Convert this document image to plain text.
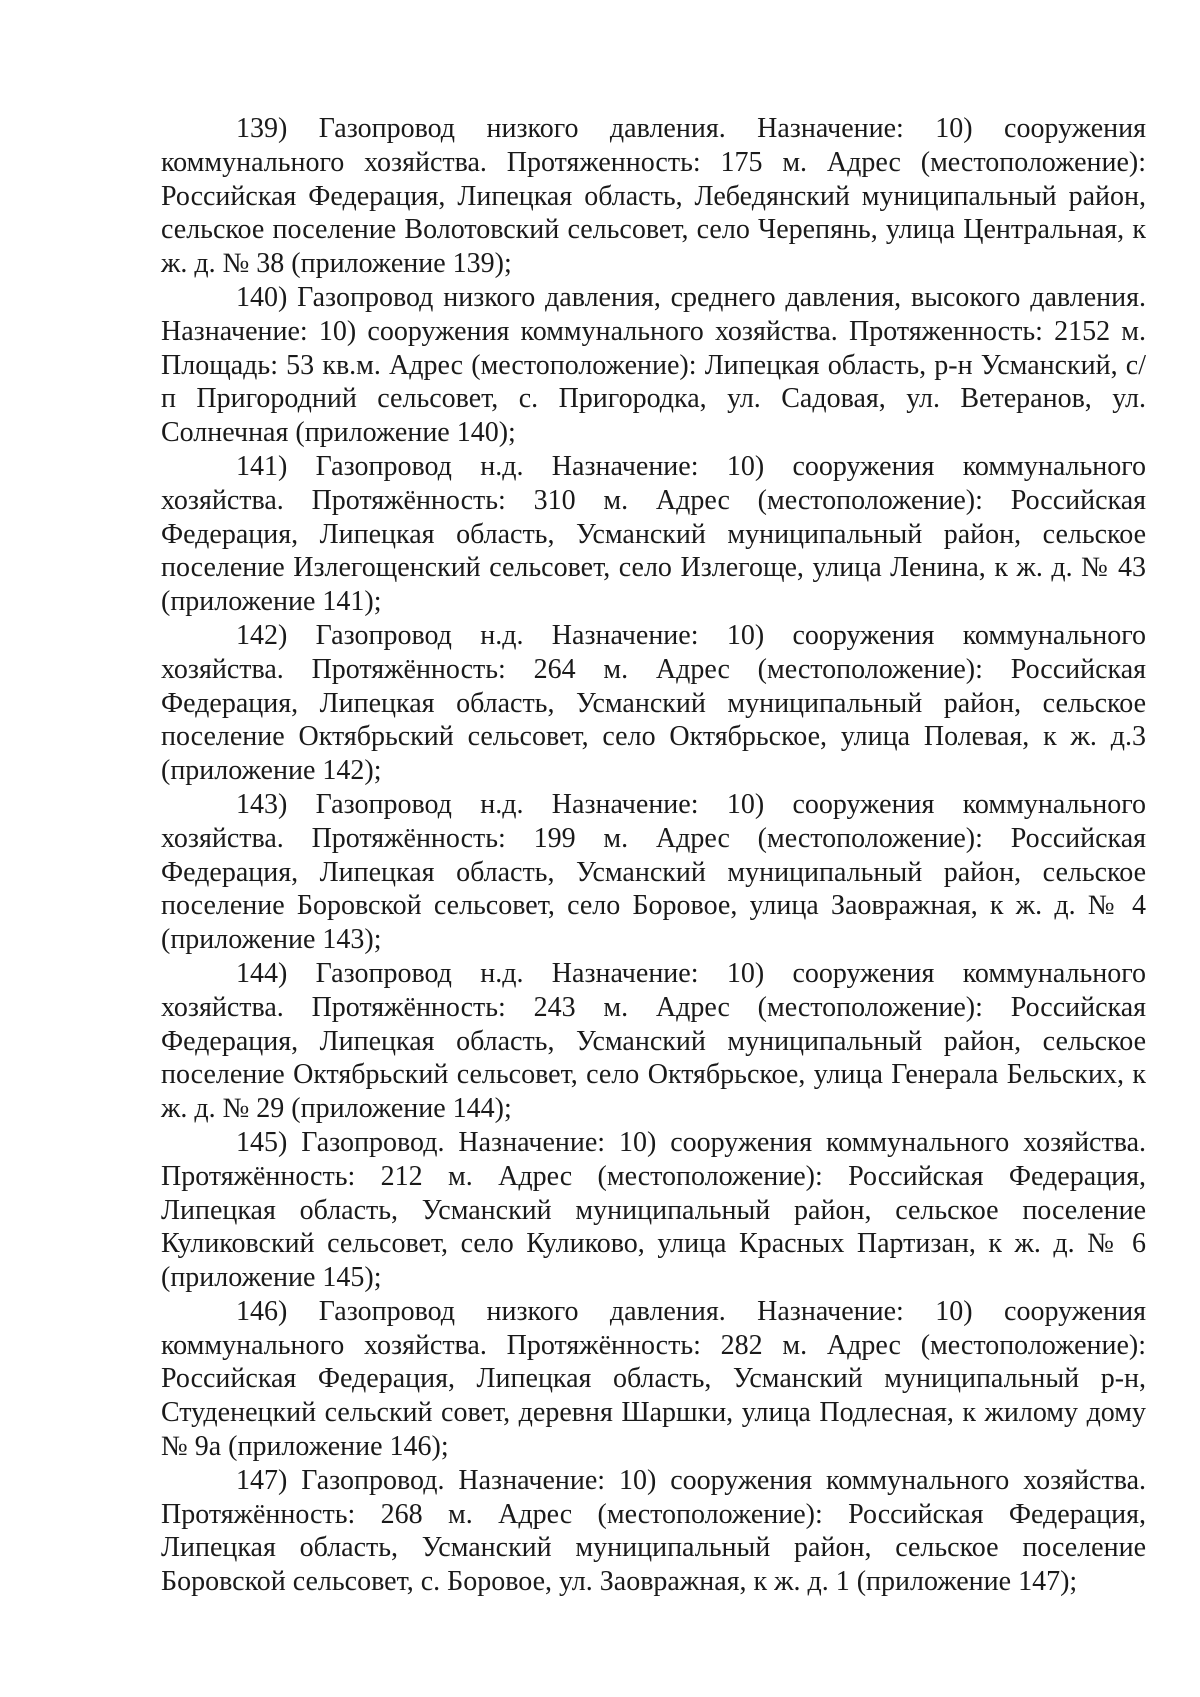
139) Газопровод низкого давления. Назначение: 10) сооружения коммунального хозяйства. Протяженность: 175 м. Адрес (местоположение): Российская Федерация, Липецкая область, Лебедянский муниципальный район, сельское поселение Волотовский сельсовет, село Черепянь, улица Центральная, к ж. д. № 38 (приложение 139);

140) Газопровод низкого давления, среднего давления, высокого давления. Назначение: 10) сооружения коммунального хозяйства. Протяженность: 2152 м. Площадь: 53 кв.м. Адрес (местоположение): Липецкая область, р-н Усманский, с/п Пригородний сельсовет, с. Пригородка, ул. Садовая, ул. Ветеранов, ул. Солнечная (приложение 140);

141) Газопровод н.д. Назначение: 10) сооружения коммунального хозяйства. Протяжённость: 310 м. Адрес (местоположение): Российская Федерация, Липецкая область, Усманский муниципальный район, сельское поселение Излегощенский сельсовет, село Излегоще, улица Ленина, к ж. д. № 43 (приложение 141);

142) Газопровод н.д. Назначение: 10) сооружения коммунального хозяйства. Протяжённость: 264 м. Адрес (местоположение): Российская Федерация, Липецкая область, Усманский муниципальный район, сельское поселение Октябрьский сельсовет, село Октябрьское, улица Полевая, к ж. д.3 (приложение 142);

143) Газопровод н.д. Назначение: 10) сооружения коммунального хозяйства. Протяжённость: 199 м. Адрес (местоположение): Российская Федерация, Липецкая область, Усманский муниципальный район, сельское поселение Боровской сельсовет, село Боровое, улица Заовражная, к ж. д. № 4 (приложение 143);

144) Газопровод н.д. Назначение: 10) сооружения коммунального хозяйства. Протяжённость: 243 м. Адрес (местоположение): Российская Федерация, Липецкая область, Усманский муниципальный район, сельское поселение Октябрьский сельсовет, село Октябрьское, улица Генерала Бельских, к ж. д. № 29 (приложение 144);

145) Газопровод. Назначение: 10) сооружения коммунального хозяйства. Протяжённость: 212 м. Адрес (местоположение): Российская Федерация, Липецкая область, Усманский муниципальный район, сельское поселение Куликовский сельсовет, село Куликово, улица Красных Партизан, к ж. д. № 6 (приложение 145);

146) Газопровод низкого давления. Назначение: 10) сооружения коммунального хозяйства. Протяжённость: 282 м. Адрес (местоположение): Российская Федерация, Липецкая область, Усманский муниципальный р-н, Студенецкий сельский совет, деревня Шаршки, улица Подлесная, к жилому дому № 9а (приложение 146);

147) Газопровод. Назначение: 10) сооружения коммунального хозяйства. Протяжённость: 268 м. Адрес (местоположение): Российская Федерация, Липецкая область, Усманский муниципальный район, сельское поселение Боровской сельсовет, с. Боровое, ул. Заовражная, к ж. д. 1 (приложение 147);
